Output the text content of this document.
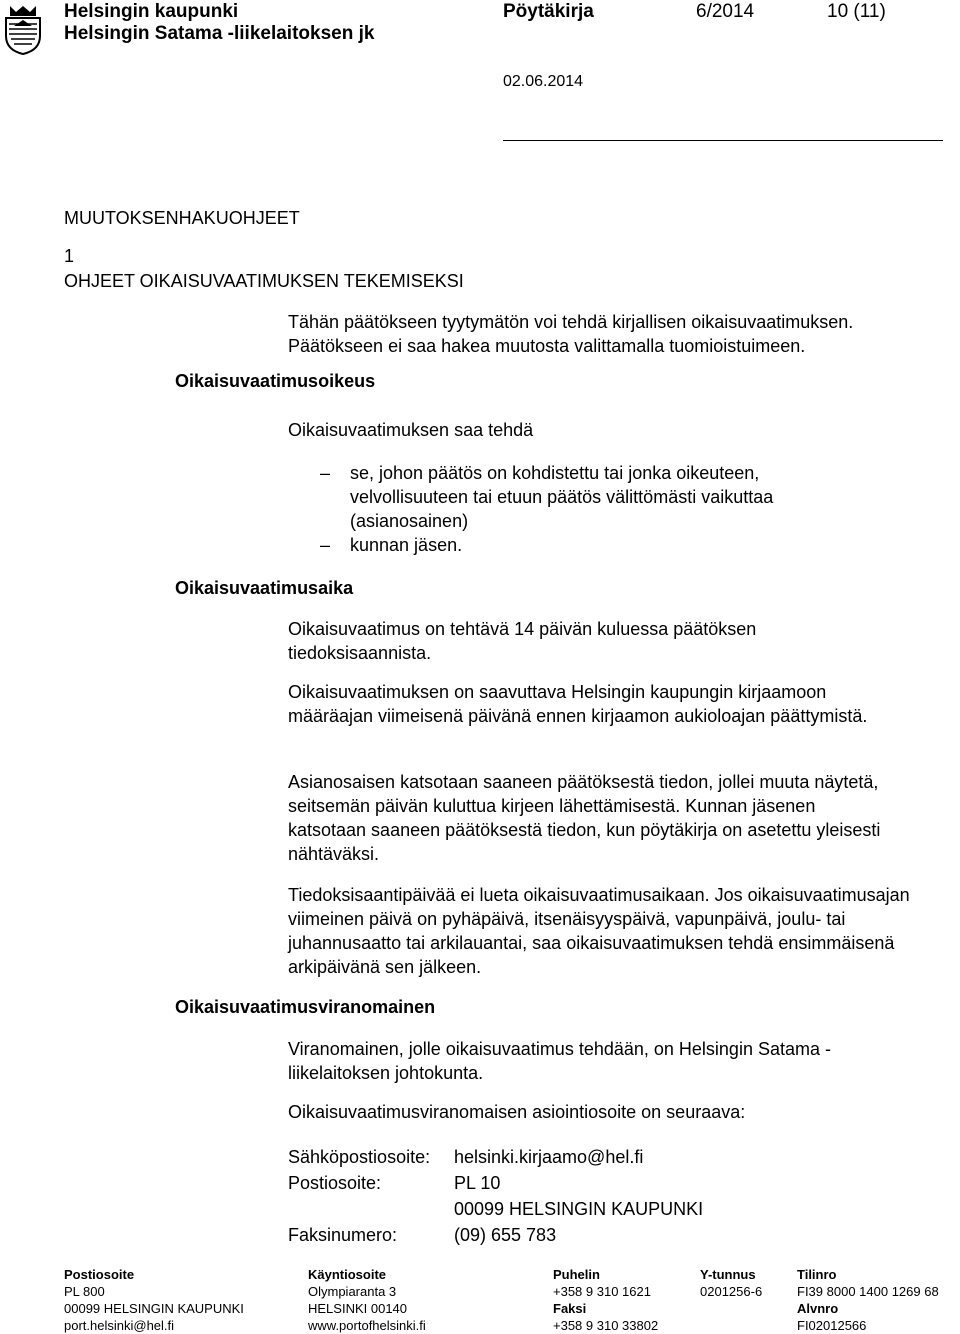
Helsingin kaupunki
Helsingin Satama -liikelaitoksen jk
Pöytäkirja	6/2014	10 (11)
02.06.2014
MUUTOKSENHAKUOHJEET
1
OHJEET OIKAISUVAATIMUKSEN TEKEMISEKSI
Tähän päätökseen tyytymätön voi tehdä kirjallisen oikaisuvaatimuksen.
Päätökseen ei saa hakea muutosta valittamalla tuomioistuimeen.
Oikaisuvaatimusoikeus
Oikaisuvaatimuksen saa tehdä
– se, johon päätös on kohdistettu tai jonka oikeuteen, velvollisuuteen tai etuun päätös välittömästi vaikuttaa (asianosainen)
– kunnan jäsen.
Oikaisuvaatimusaika

Oikaisuvaatimus on tehtävä 14 päivän kuluessa päätöksen tiedoksisaannista.

Oikaisuvaatimuksen on saavuttava Helsingin kaupungin kirjaamoon määräajan viimeisenä päivänä ennen kirjaamon aukioloajan päättymistä.

Asianosaisen katsotaan saaneen päätöksestä tiedon, jollei muuta näytetä, seitsemän päivän kuluttua kirjeen lähettämisestä. Kunnan jäsenen katsotaan saaneen päätöksestä tiedon, kun pöytäkirja on asetettu yleisesti nähtäväksi.

Tiedoksisaantipäivää ei lueta oikaisuvaatimusaikaan. Jos oikaisuvaatimusajan viimeinen päivä on pyhäpäivä, itsenäisyyspäivä, vapunpäivä, joulu- tai juhannusaatto tai arkilauantai, saa oikaisuvaatimuksen tehdä ensimmäisenä arkipäivänä sen jälkeen.

Oikaisuvaatimusviranomainen

Viranomainen, jolle oikaisuvaatimus tehdään, on Helsingin Satama - liikelaitoksen johtokunta.

Oikaisuvaatimusviranomaisen asiointiosoite on seuraava:

Sähköpostiosoite: helsinki.kirjaamo@hel.fi
Postiosoite:	PL 10
00099 HELSINGIN KAUPUNKI
Faksinumero:	(09) 655 783
Postiosoite
PL 800
00099 HELSINGIN KAUPUNKI
port.helsinki@hel.fi
Käyntiosoite
Olympiaranta 3
HELSINKI 00140
www.portofhelsinki.fi
Puhelin
+358 9 310 1621
Faksi
+358 9 310 33802
Y-tunnus
0201256-6
Tilinro
FI39 8000 1400 1269 68
Alvnro
FI02012566
